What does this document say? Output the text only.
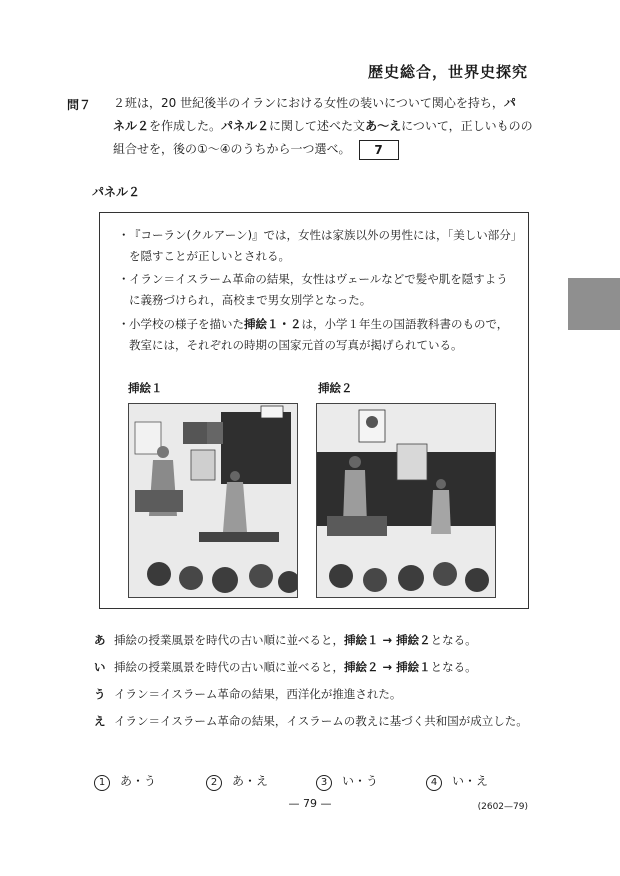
歴史総合，世界史探究
問７ ２班は，20 世紀後半のイランにおける女性の装いについて関心を持ち，パ
ネル２を作成した。パネル２に関して述べた文あ～えについて，正しいものの
組合せを，後の①～④のうちから一つ選べ。 7
パネル２
・ 『コーラン(クルアーン)』では，女性は家族以外の男性には，「美しい部分」を隠すことが正しいとされる。
・ イラン＝イスラーム革命の結果，女性はヴェールなどで髪や肌を隠すように義務づけられ，高校まで男女別学となった。
・ 小学校の様子を描いた挿絵１・２は，小学１年生の国語教科書のもので，教室には，それぞれの時期の国家元首の写真が掲げられている。
挿絵１	挿絵２
あ 挿絵の授業風景を時代の古い順に並べると，挿絵１ → 挿絵２となる。
い 挿絵の授業風景を時代の古い順に並べると，挿絵２ → 挿絵１となる。
う イラン＝イスラーム革命の結果，西洋化が推進された。
え イラン＝イスラーム革命の結果，イスラームの教えに基づく共和国が成立した。
1 あ・う	2 あ・え	3 い・う	4 い・え
— 79 —	(2602—79)
